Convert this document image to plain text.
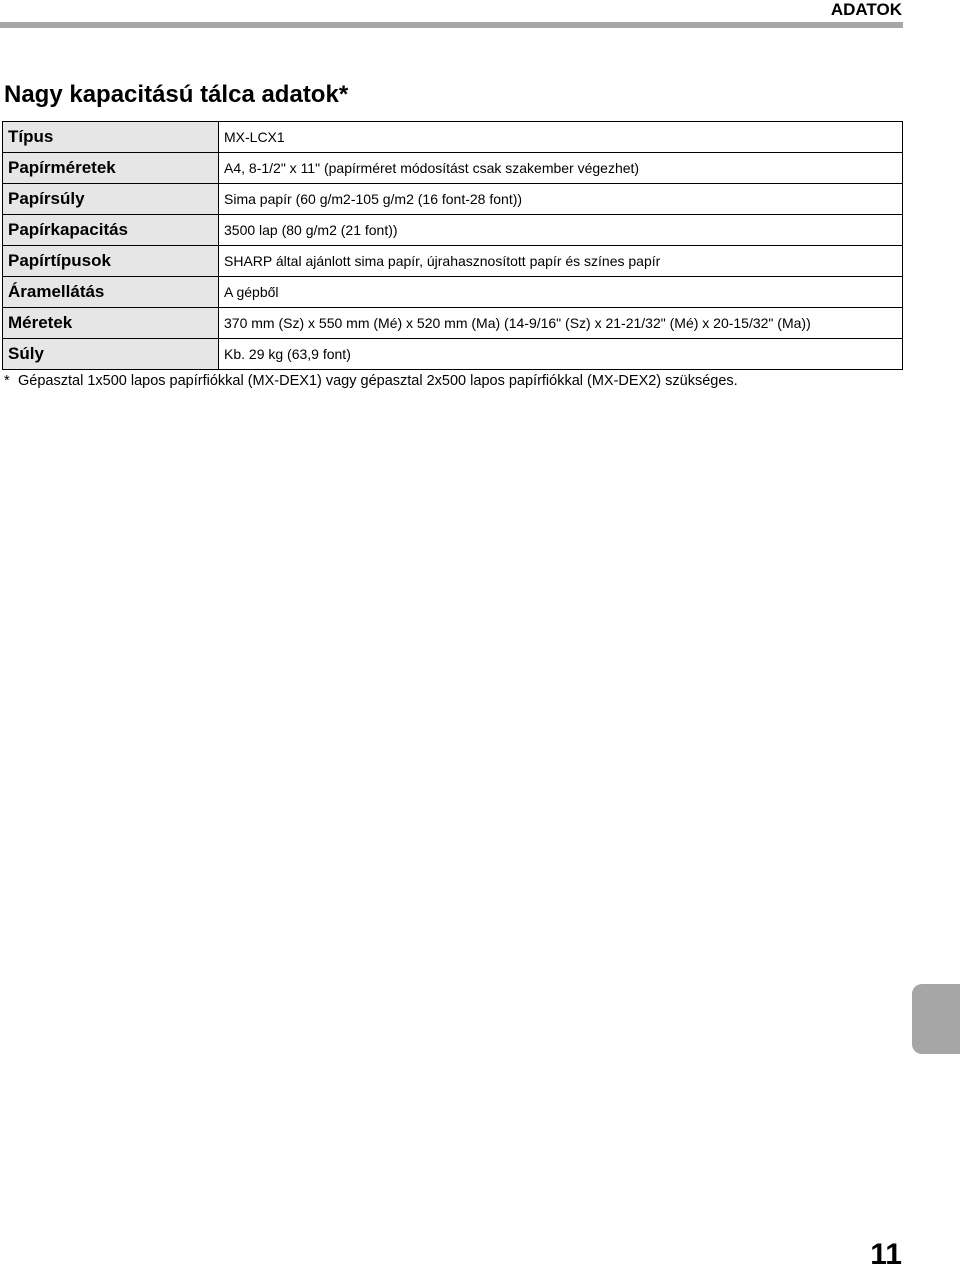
ADATOK
Nagy kapacitású tálca adatok*
Típus	MX-LCX1
Papírméretek	A4, 8-1/2" x 11" (papírméret módosítást csak szakember végezhet)
Papírsúly	Sima papír (60 g/m2-105 g/m2 (16 font-28 font))
Papírkapacitás	3500 lap (80 g/m2 (21 font))
Papírtípusok	SHARP által ajánlott sima papír, újrahasznosított papír és színes papír
Áramellátás	A gépből
Méretek	370 mm (Sz) x 550 mm (Mé) x 520 mm (Ma) (14-9/16" (Sz) x 21-21/32" (Mé) x 20-15/32" (Ma))
Súly	Kb. 29 kg (63,9 font)

* Gépasztal 1x500 lapos papírfiókkal (MX-DEX1) vagy gépasztal 2x500 lapos papírfiókkal (MX-DEX2) szükséges.

11
